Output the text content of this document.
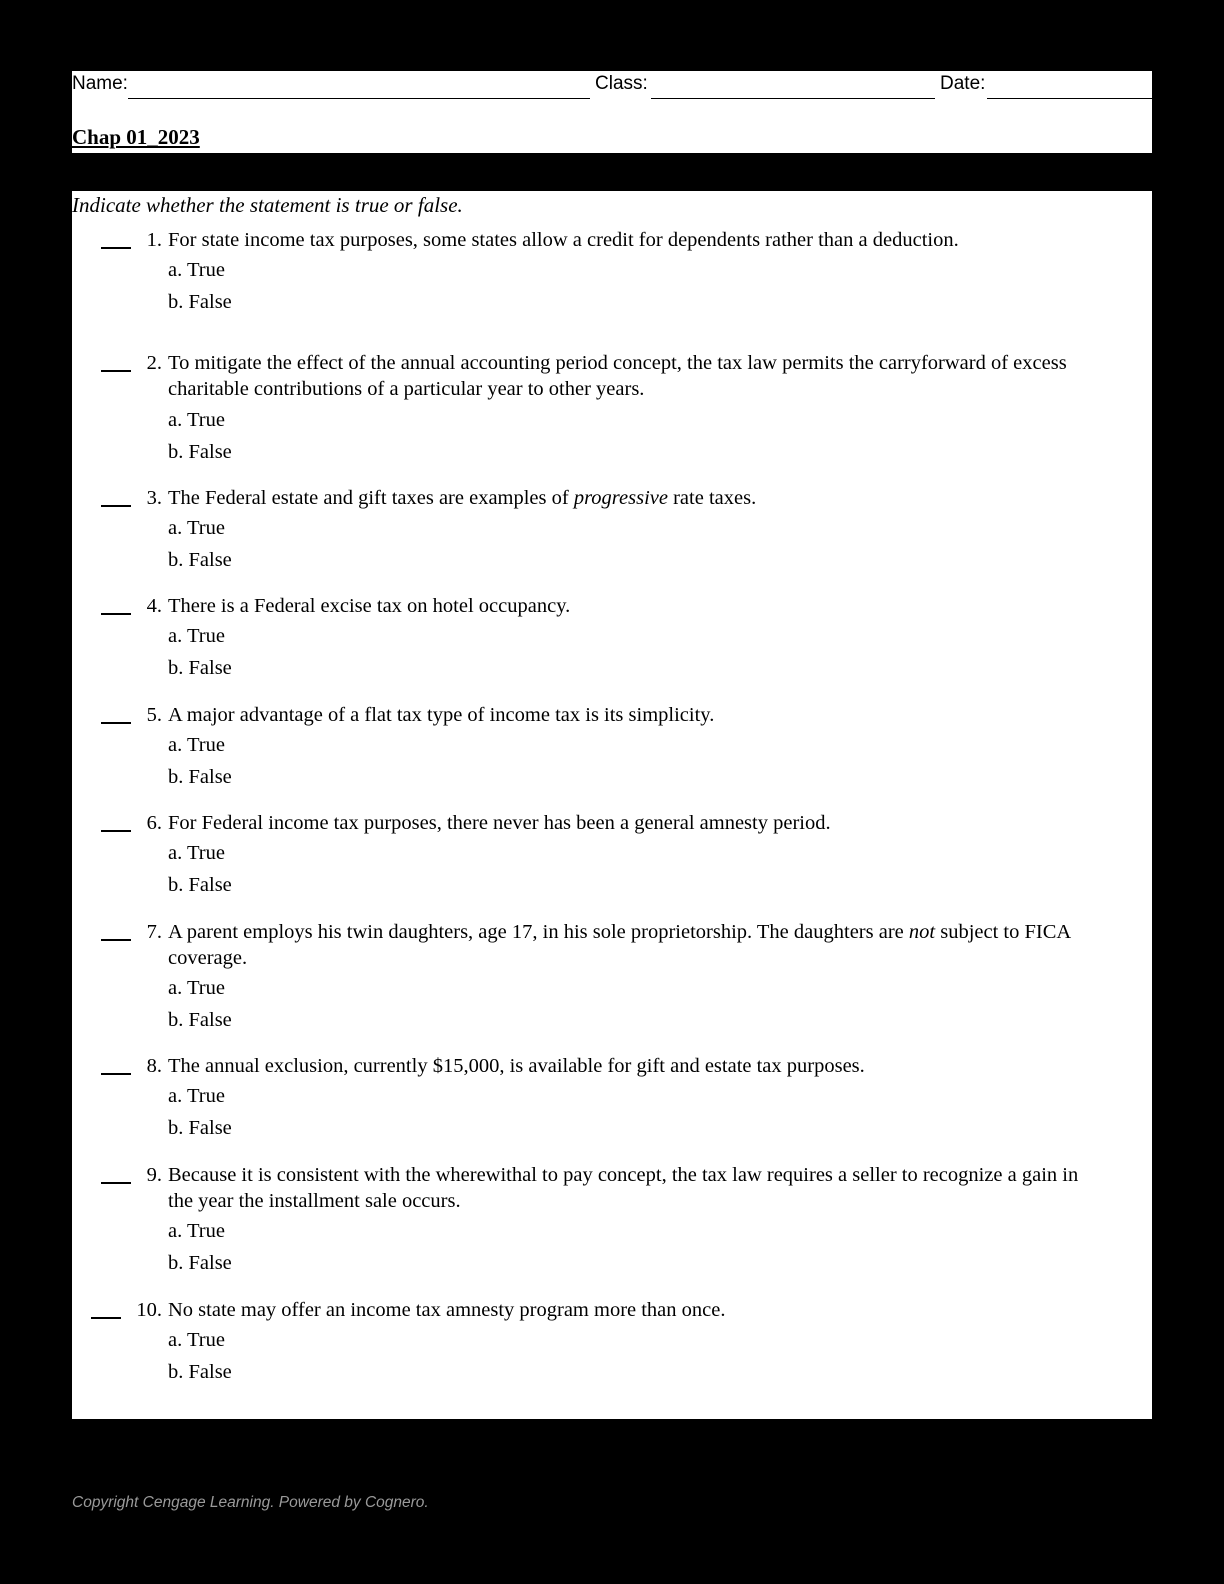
Name:	Class:	Date:
Chap 01_2023
Indicate whether the statement is true or false.
1. For state income tax purposes, some states allow a credit for dependents rather than a deduction.
a. True
b. False
2. To mitigate the effect of the annual accounting period concept, the tax law permits the carryforward of excess
charitable contributions of a particular year to other years.
a. True
b. False
3. The Federal estate and gift taxes are examples of progressive rate taxes.
a. True
b. False
4. There is a Federal excise tax on hotel occupancy.
a. True
b. False
5. A major advantage of a flat tax type of income tax is its simplicity.
a. True
b. False
6. For Federal income tax purposes, there never has been a general amnesty period.
a. True
b. False
7. A parent employs his twin daughters, age 17, in his sole proprietorship. The daughters are not subject to FICA
coverage.
a. True
b. False
8. The annual exclusion, currently $15,000, is available for gift and estate tax purposes.
a. True
b. False
9. Because it is consistent with the wherewithal to pay concept, the tax law requires a seller to recognize a gain in
the year the installment sale occurs.
a. True
b. False
10. No state may offer an income tax amnesty program more than once.
a. True
b. False
Copyright Cengage Learning. Powered by Cognero.
